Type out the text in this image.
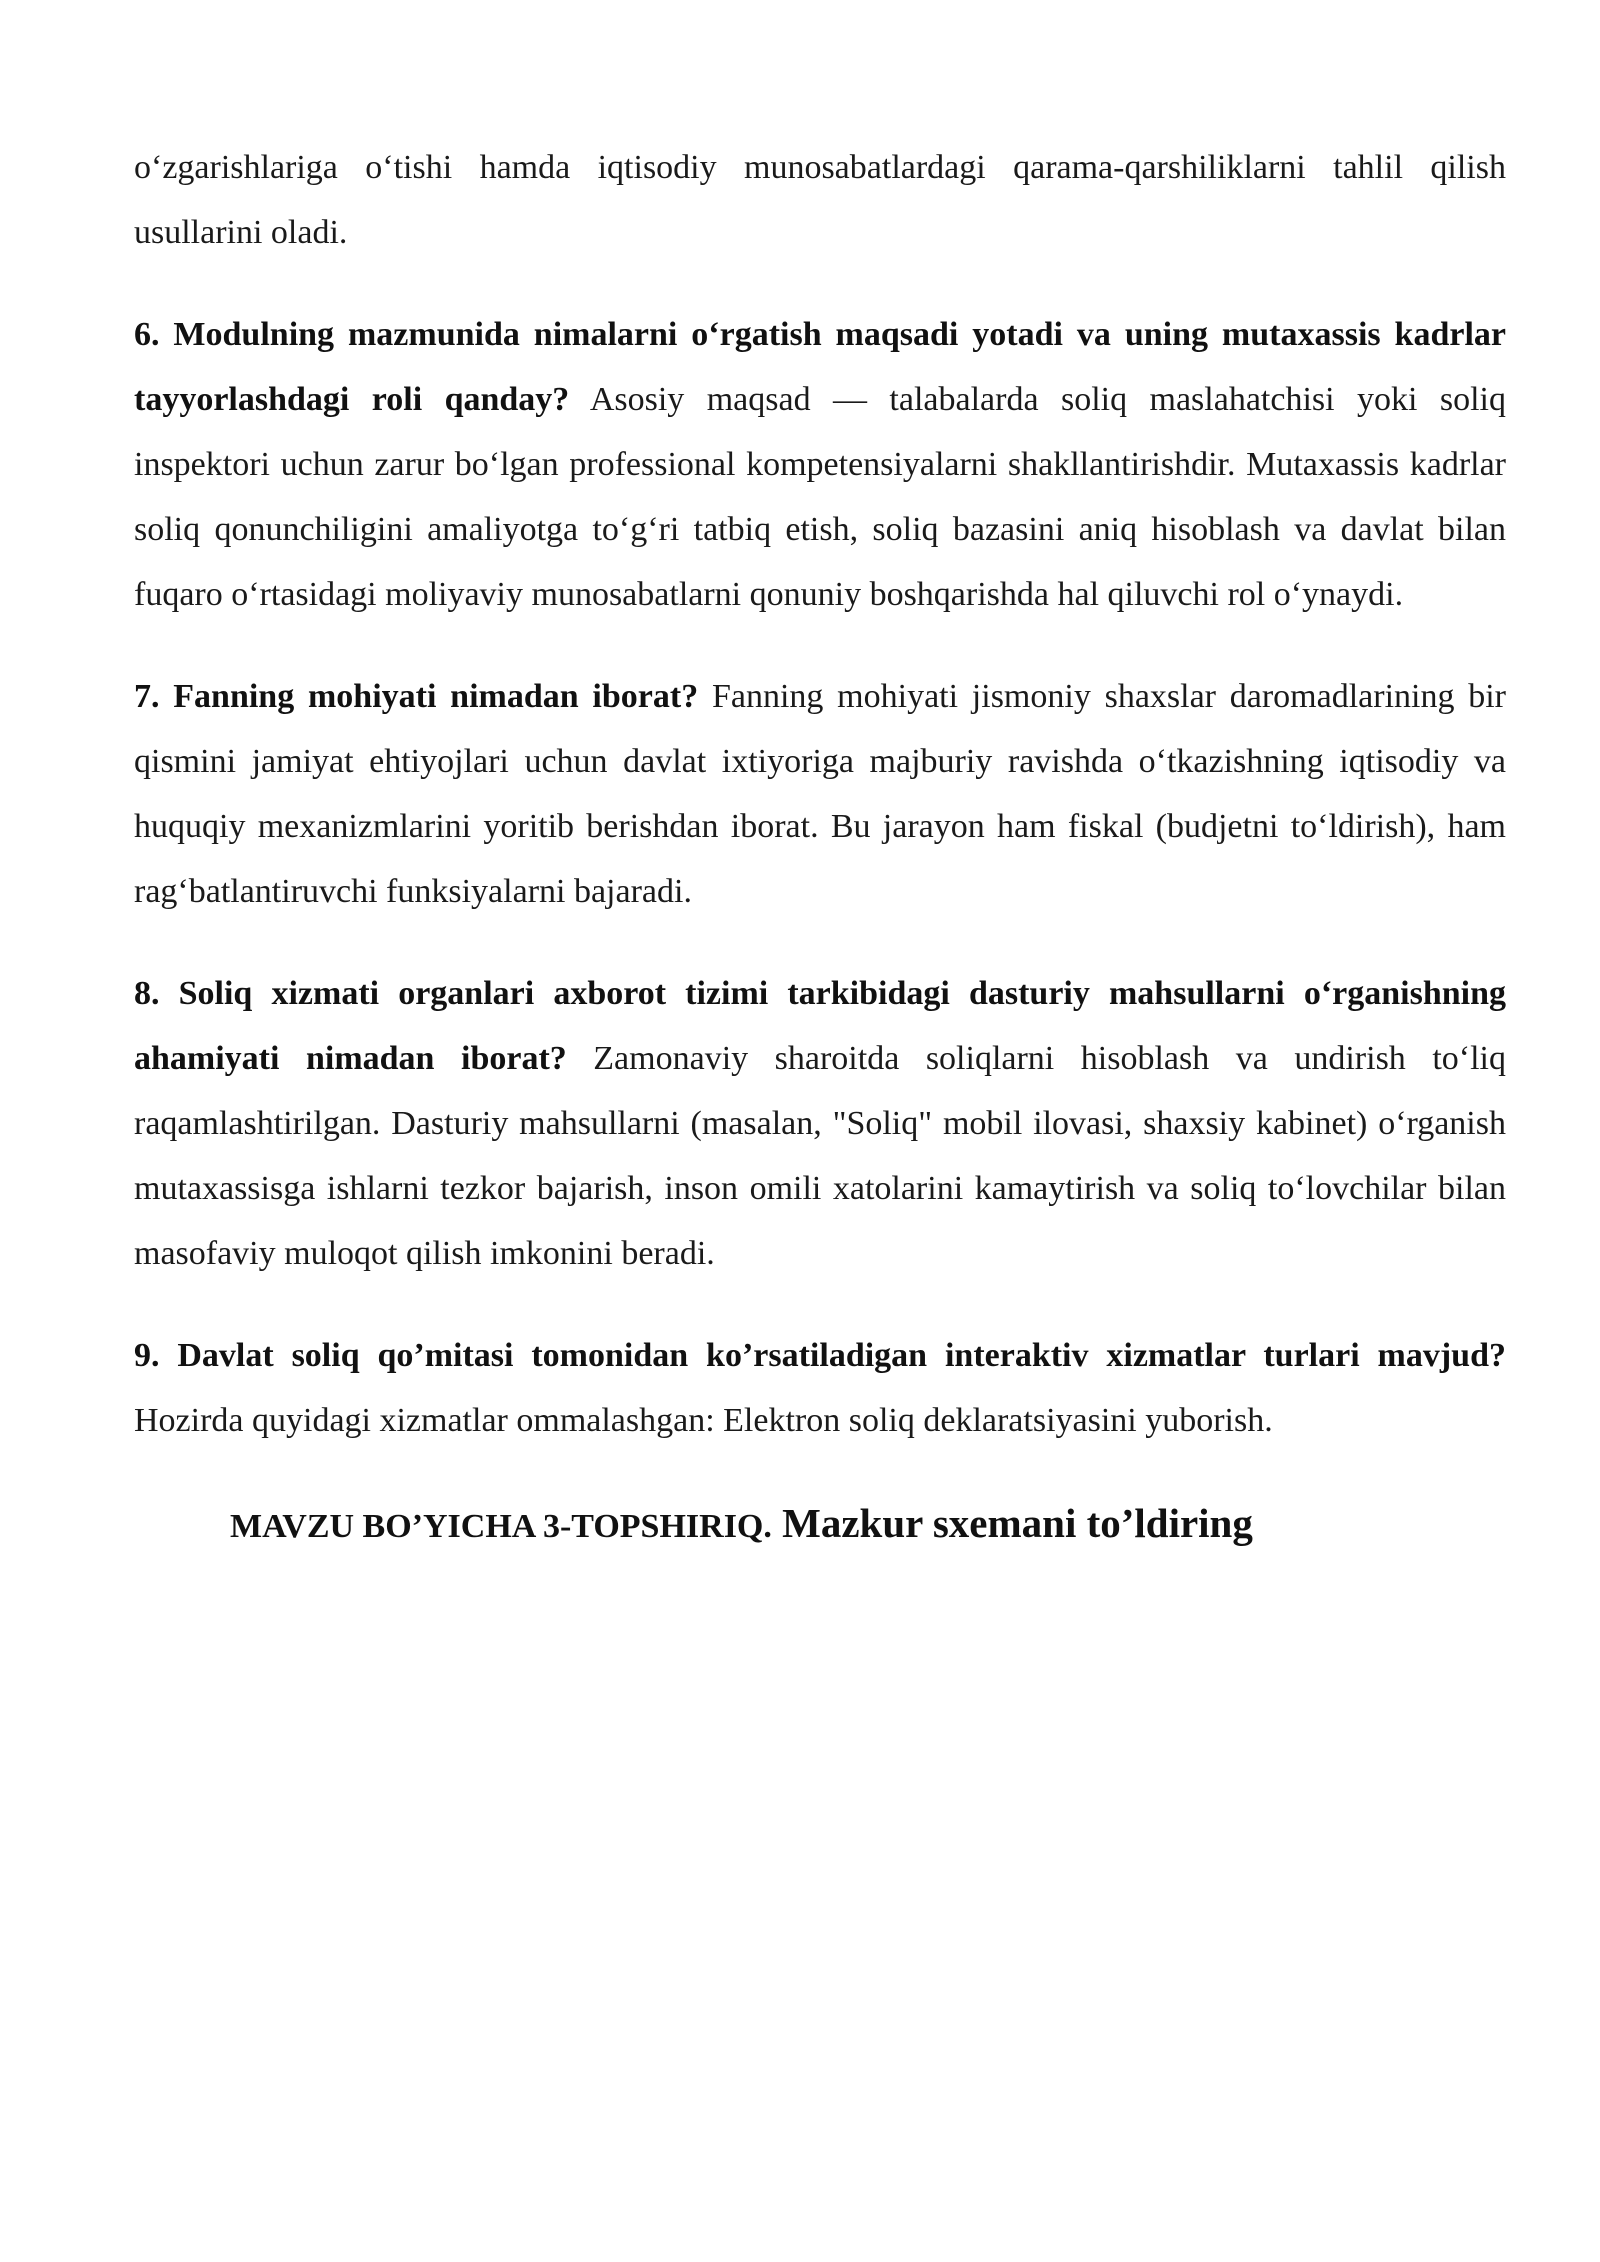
o‘zgarishlariga o‘tishi hamda iqtisodiy munosabatlardagi qarama-qarshiliklarni tahlil qilish usullarini oladi.

6. Modulning mazmunida nimalarni o‘rgatish maqsadi yotadi va uning mutaxassis kadrlar tayyorlashdagi roli qanday? Asosiy maqsad — talabalarda soliq maslahatchisi yoki soliq inspektori uchun zarur bo‘lgan professional kompetensiyalarni shakllantirishdir. Mutaxassis kadrlar soliq qonunchiligini amaliyotga to‘g‘ri tatbiq etish, soliq bazasini aniq hisoblash va davlat bilan fuqaro o‘rtasidagi moliyaviy munosabatlarni qonuniy boshqarishda hal qiluvchi rol o‘ynaydi.

7. Fanning mohiyati nimadan iborat? Fanning mohiyati jismoniy shaxslar daromadlarining bir qismini jamiyat ehtiyojlari uchun davlat ixtiyoriga majburiy ravishda o‘tkazishning iqtisodiy va huquqiy mexanizmlarini yoritib berishdan iborat. Bu jarayon ham fiskal (budjetni to‘ldirish), ham rag‘batlantiruvchi funksiyalarni bajaradi.

8. Soliq xizmati organlari axborot tizimi tarkibidagi dasturiy mahsullarni o‘rganishning ahamiyati nimadan iborat? Zamonaviy sharoitda soliqlarni hisoblash va undirish to‘liq raqamlashtirilgan. Dasturiy mahsullarni (masalan, "Soliq" mobil ilovasi, shaxsiy kabinet) o‘rganish mutaxassisga ishlarni tezkor bajarish, inson omili xatolarini kamaytirish va soliq to‘lovchilar bilan masofaviy muloqot qilish imkonini beradi.

9. Davlat soliq qo’mitasi tomonidan ko’rsatiladigan interaktiv xizmatlar turlari mavjud? Hozirda quyidagi xizmatlar ommalashgan: Elektron soliq deklaratsiyasini yuborish.

MAVZU BO’YICHA 3-TOPSHIRIQ. Mazkur sxemani to’ldiring
